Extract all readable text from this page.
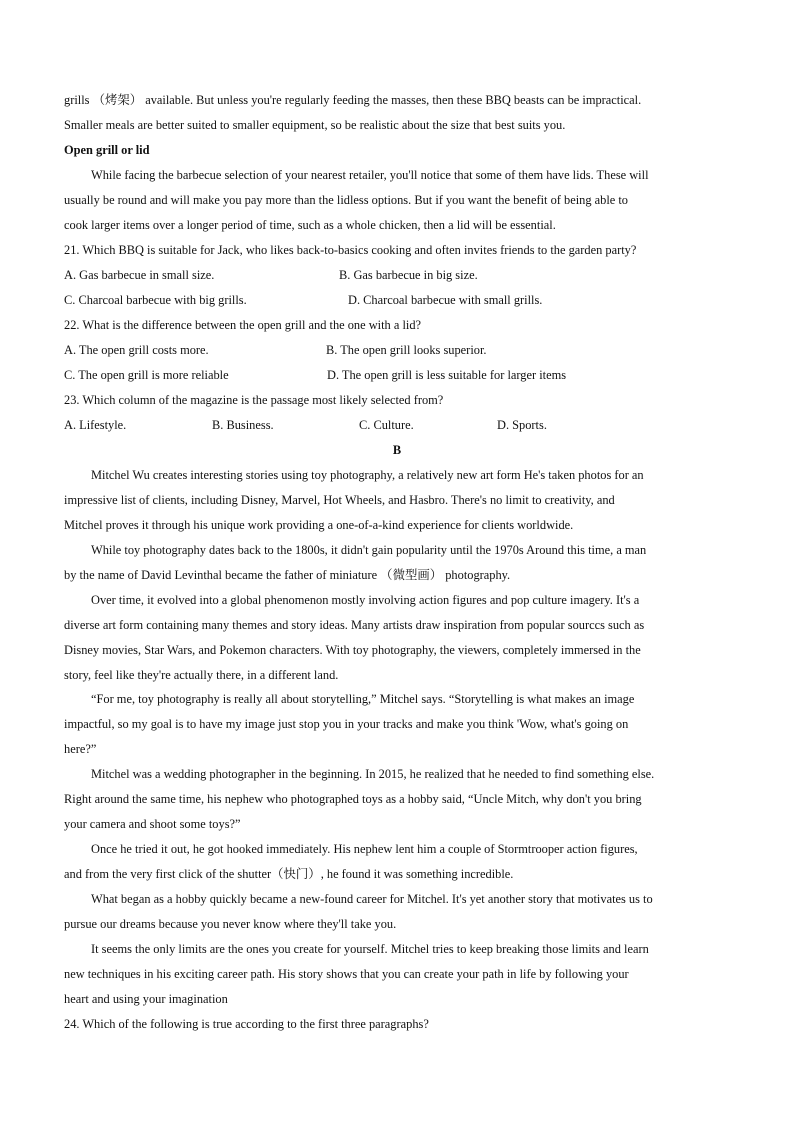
grills （烤架） available. But unless you're regularly feeding the masses, then these BBQ beasts can be impractical.
Smaller meals are better suited to smaller equipment, so be realistic about the size that best suits you.
Open grill or lid
While facing the barbecue selection of your nearest retailer, you'll notice that some of them have lids. These will
usually be round and will make you pay more than the lidless options. But if you want the benefit of being able to
cook larger items over a longer period of time, such as a whole chicken, then a lid will be essential.
21. Which BBQ is suitable for Jack, who likes back-to-basics cooking and often invites friends to the garden party?
A. Gas barbecue in small size.	B. Gas barbecue in big size.
C. Charcoal barbecue with big grills.	D. Charcoal barbecue with small grills.
22. What is the difference between the open grill and the one with a lid?
A. The open grill costs more.	B. The open grill looks superior.
C. The open grill is more reliable	D. The open grill is less suitable for larger items
23. Which column of the magazine is the passage most likely selected from?
A. Lifestyle.	B. Business.	C. Culture.	D. Sports.
B
Mitchel Wu creates interesting stories using toy photography, a relatively new art form He's taken photos for an
impressive list of clients, including Disney, Marvel, Hot Wheels, and Hasbro. There's no limit to creativity, and
Mitchel proves it through his unique work providing a one-of-a-kind experience for clients worldwide.
While toy photography dates back to the 1800s, it didn't gain popularity until the 1970s Around this time, a man
by the name of David Levinthal became the father of miniature （微型画） photography.
Over time, it evolved into a global phenomenon mostly involving action figures and pop culture imagery. It's a
diverse art form containing many themes and story ideas. Many artists draw inspiration from popular sourccs such as
Disney movies, Star Wars, and Pokemon characters. With toy photography, the viewers, completely immersed in the
story, feel like they're actually there, in a different land.
“For me, toy photography is really all about storytelling,” Mitchel says. “Storytelling is what makes an image
impactful, so my goal is to have my image just stop you in your tracks and make you think 'Wow, what's going on
here?”
Mitchel was a wedding photographer in the beginning. In 2015, he realized that he needed to find something else.
Right around the same time, his nephew who photographed toys as a hobby said, “Uncle Mitch, why don't you bring
your camera and shoot some toys?”
Once he tried it out, he got hooked immediately. His nephew lent him a couple of Stormtrooper action figures,
and from the very first click of the shutter（快门）, he found it was something incredible.
What began as a hobby quickly became a new-found career for Mitchel. It's yet another story that motivates us to
pursue our dreams because you never know where they'll take you.
It seems the only limits are the ones you create for yourself. Mitchel tries to keep breaking those limits and learn
new techniques in his exciting career path. His story shows that you can create your path in life by following your
heart and using your imagination
24. Which of the following is true according to the first three paragraphs?
